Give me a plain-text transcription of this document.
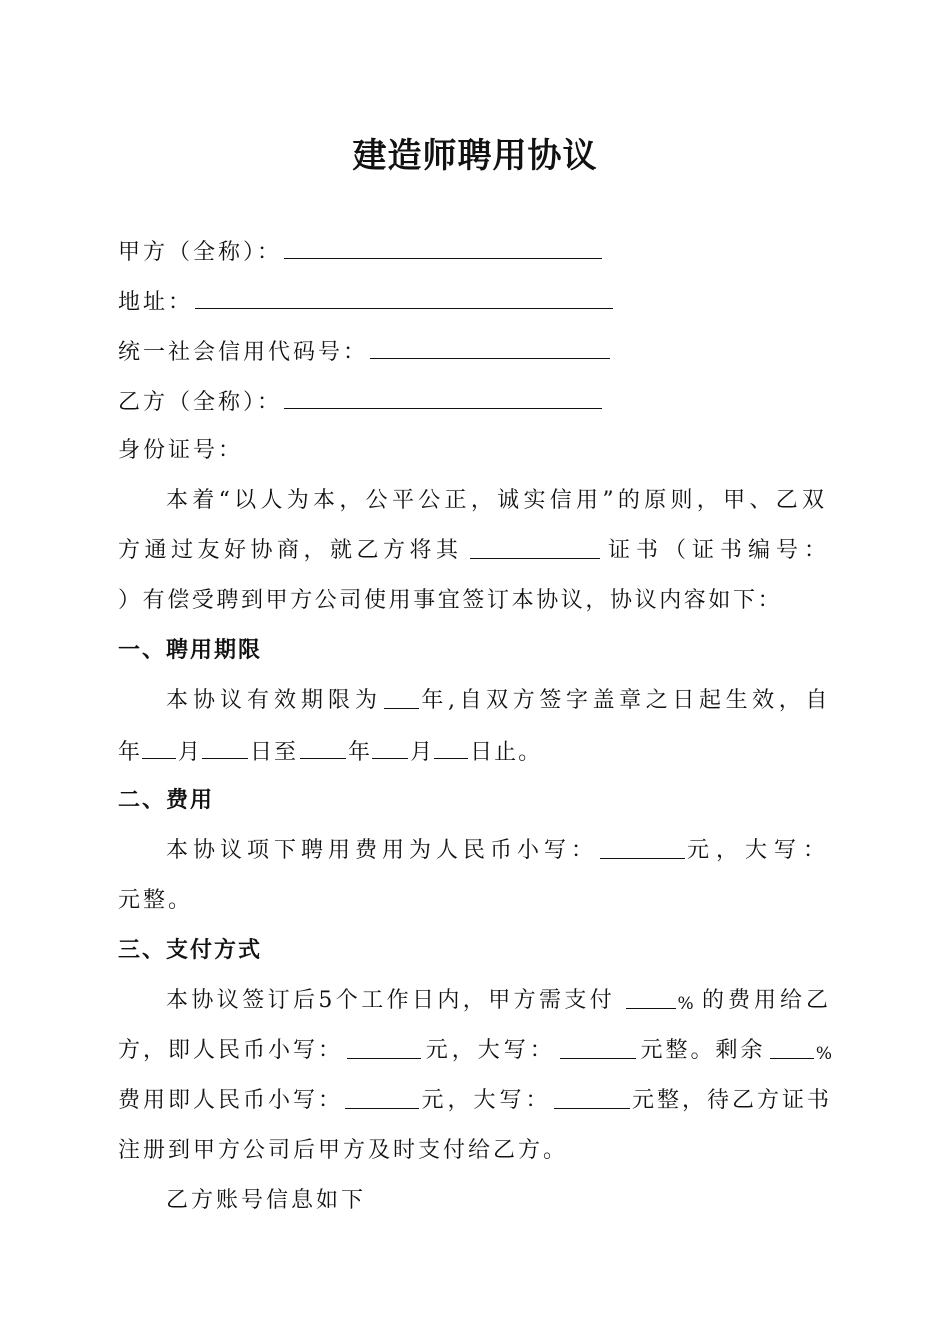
建造师聘用协议
甲方（全称）：
地址：
统一社会信用代码号：
乙方（全称）：
身份证号：
本着“以人为本，公平公正，诚实信用”的原则，甲、乙双
方通过友好协商，就乙方将其	证书（证书编号：
）有偿受聘到甲方公司使用事宜签订本协议，协议内容如下：
一、聘用期限
本协议有效期限为 年,自双方签字盖章之日起生效，自
年 月 日至 年 月 日止。
二、费用
本协议项下聘用费用为人民币小写：	元，大写：
元整。
三、支付方式
本协议签订后5个工作日内，甲方需支付	% 的费用给乙
方，即人民币小写：	元，大写：	元整。剩余	%
费用即人民币小写：	元，大写：	元整，待乙方证书
注册到甲方公司后甲方及时支付给乙方。
乙方账号信息如下
